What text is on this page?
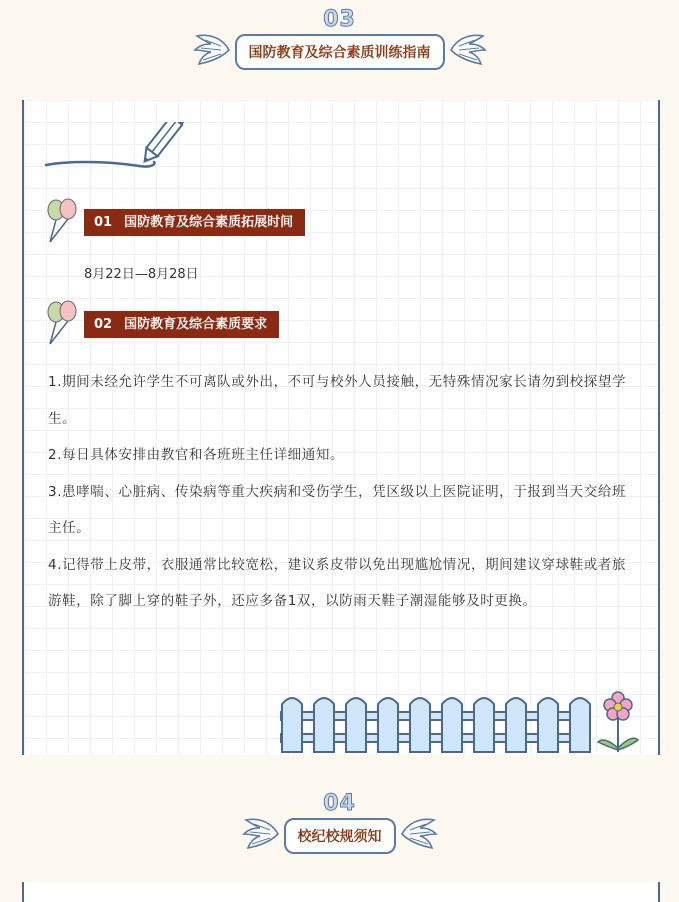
03
国防教育及综合素质训练指南
01 国防教育及综合素质拓展时间
8月22日—8月28日
02 国防教育及综合素质要求

1.期间未经允许学生不可离队或外出，不可与校外人员接触，无特殊情况家长请勿到校探望学生。

2.每日具体安排由教官和各班班主任详细通知。

3.患哮喘、心脏病、传染病等重大疾病和受伤学生，凭区级以上医院证明，于报到当天交给班主任。

4.记得带上皮带，衣服通常比较宽松，建议系皮带以免出现尴尬情况，期间建议穿球鞋或者旅游鞋，除了脚上穿的鞋子外，还应多备1双，以防雨天鞋子潮湿能够及时更换。

04
校纪校规须知
